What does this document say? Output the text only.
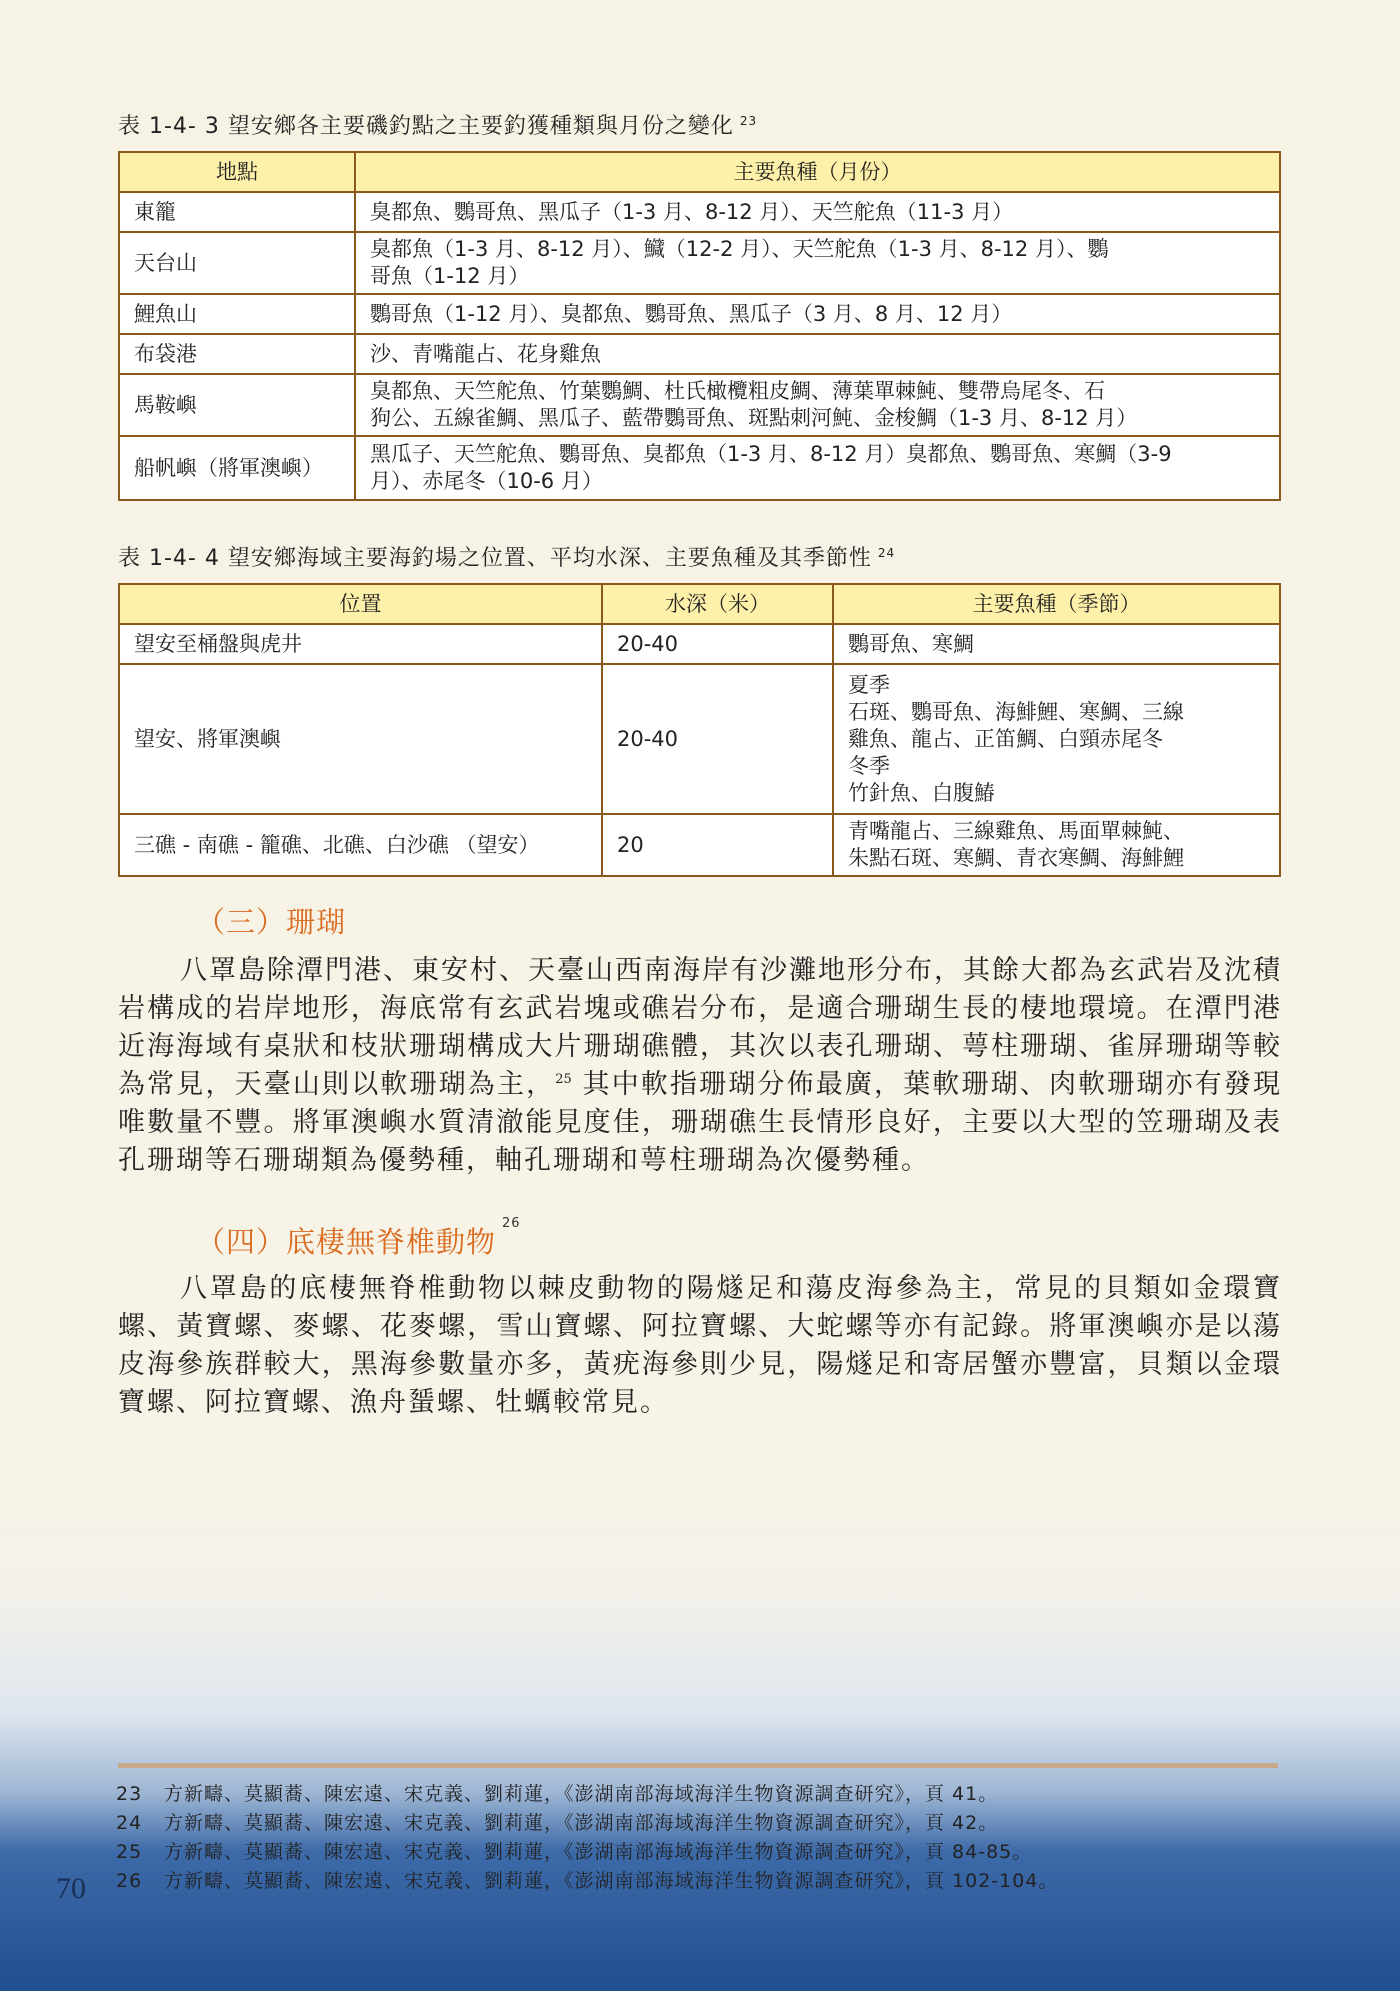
表 1-4- 3 望安鄉各主要磯釣點之主要釣獲種類與月份之變化 $^{23}$
地點	主要魚種（月份）
東籠	臭都魚、鸚哥魚、黑瓜子（1-3 月、8-12 月）、天竺舵魚（11-3 月）
天台山	臭都魚（1-3 月、8-12 月）、鱵（12-2 月）、天竺舵魚（1-3 月、8-12 月）、鸚
哥魚（1-12 月）
鯉魚山	鸚哥魚（1-12 月）、臭都魚、鸚哥魚、黑瓜子（3 月、8 月、12 月）
布袋港	沙、青嘴龍占、花身雞魚
馬鞍嶼	臭都魚、天竺舵魚、竹葉鸚鯛、杜氏橄欖粗皮鯛、薄葉單棘魨、雙帶烏尾冬、石
狗公、五線雀鯛、黑瓜子、藍帶鸚哥魚、斑點刺河魨、金梭鯛（1-3 月、8-12 月）
船帆嶼（將軍澳嶼）	黑瓜子、天竺舵魚、鸚哥魚、臭都魚（1-3 月、8-12 月）臭都魚、鸚哥魚、寒鯛（3-9
月）、赤尾冬（10-6 月）
表 1-4- 4 望安鄉海域主要海釣場之位置、平均水深、主要魚種及其季節性 $^{24}$
位置	水深（米）	主要魚種（季節）
望安至桶盤與虎井	20-40	鸚哥魚、寒鯛
望安、將軍澳嶼	20-40	夏季
石斑、鸚哥魚、海鯡鯉、寒鯛、三線
雞魚、龍占、正笛鯛、白頸赤尾冬
冬季
竹針魚、白腹鰆
三礁 - 南礁 - 籠礁、北礁、白沙礁 （望安）	20	青嘴龍占、三線雞魚、馬面單棘魨、
朱點石斑、寒鯛、青衣寒鯛、海鯡鯉
（三）珊瑚

八罩島除潭門港、東安村、天臺山西南海岸有沙灘地形分布，其餘大都為玄武岩及沈積岩構成的岩岸地形，海底常有玄武岩塊或礁岩分布，是適合珊瑚生長的棲地環境。在潭門港近海海域有桌狀和枝狀珊瑚構成大片珊瑚礁體，其次以表孔珊瑚、萼柱珊瑚、雀屏珊瑚等較為常見，天臺山則以軟珊瑚為主，$^{25}$ 其中軟指珊瑚分佈最廣，葉軟珊瑚、肉軟珊瑚亦有發現唯數量不豐。將軍澳嶼水質清澈能見度佳，珊瑚礁生長情形良好，主要以大型的笠珊瑚及表孔珊瑚等石珊瑚類為優勢種，軸孔珊瑚和萼柱珊瑚為次優勢種。

（四）底棲無脊椎動物$^{26}$

八罩島的底棲無脊椎動物以棘皮動物的陽燧足和蕩皮海參為主，常見的貝類如金環寶螺、黃寶螺、麥螺、花麥螺，雪山寶螺、阿拉寶螺、大蛇螺等亦有記錄。將軍澳嶼亦是以蕩皮海參族群較大，黑海參數量亦多，黃疣海參則少見，陽燧足和寄居蟹亦豐富，貝類以金環寶螺、阿拉寶螺、漁舟蜑螺、牡蠣較常見。

23 方新疇、莫顯蕎、陳宏遠、宋克義、劉莉蓮，《澎湖南部海域海洋生物資源調查研究》，頁 41。
24 方新疇、莫顯蕎、陳宏遠、宋克義、劉莉蓮，《澎湖南部海域海洋生物資源調查研究》，頁 42。
25 方新疇、莫顯蕎、陳宏遠、宋克義、劉莉蓮，《澎湖南部海域海洋生物資源調查研究》，頁 84-85。
26 方新疇、莫顯蕎、陳宏遠、宋克義、劉莉蓮，《澎湖南部海域海洋生物資源調查研究》，頁 102-104。
70
